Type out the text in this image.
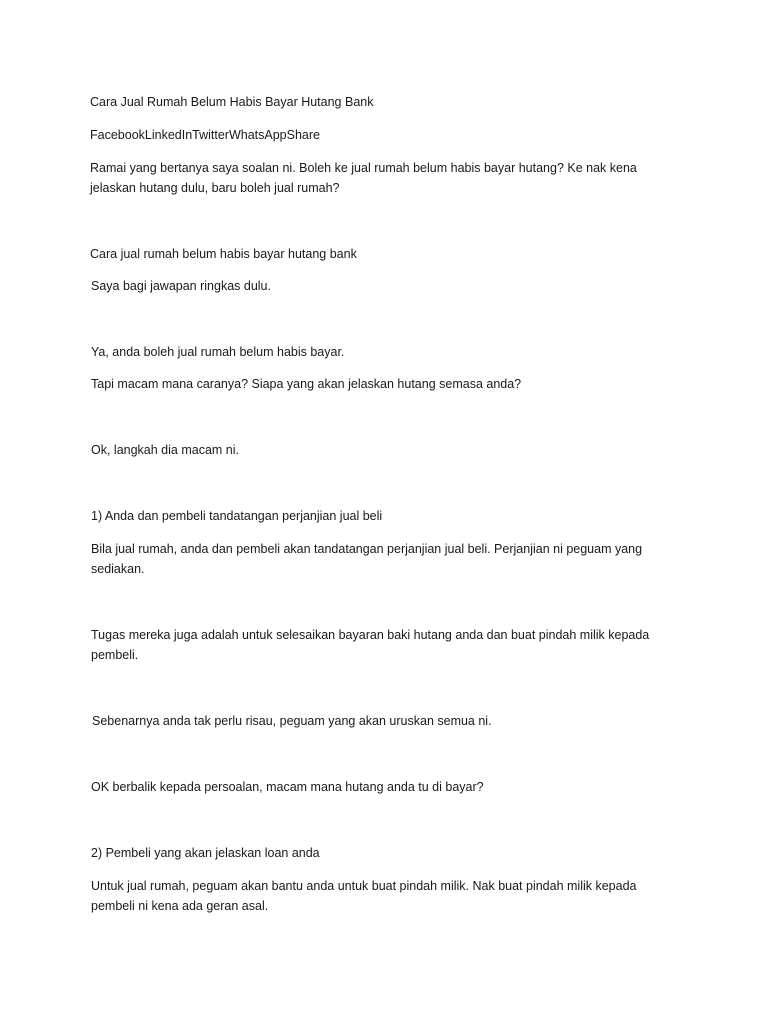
Cara Jual Rumah Belum Habis Bayar Hutang Bank
FacebookLinkedInTwitterWhatsAppShare
Ramai yang bertanya saya soalan ni. Boleh ke jual rumah belum habis bayar hutang? Ke nak kena jelaskan hutang dulu, baru boleh jual rumah?
Cara jual rumah belum habis bayar hutang bank
Saya bagi jawapan ringkas dulu.
Ya, anda boleh jual rumah belum habis bayar.
Tapi macam mana caranya? Siapa yang akan jelaskan hutang semasa anda?
Ok, langkah dia macam ni.
1) Anda dan pembeli tandatangan perjanjian jual beli
Bila jual rumah, anda dan pembeli akan tandatangan perjanjian jual beli. Perjanjian ni peguam yang sediakan.
Tugas mereka juga adalah untuk selesaikan bayaran baki hutang anda dan buat pindah milik kepada pembeli.
Sebenarnya anda tak perlu risau, peguam yang akan uruskan semua ni.
OK berbalik kepada persoalan, macam mana hutang anda tu di bayar?
2) Pembeli yang akan jelaskan loan anda
Untuk jual rumah, peguam akan bantu anda untuk buat pindah milik. Nak buat pindah milik kepada pembeli ni kena ada geran asal.
